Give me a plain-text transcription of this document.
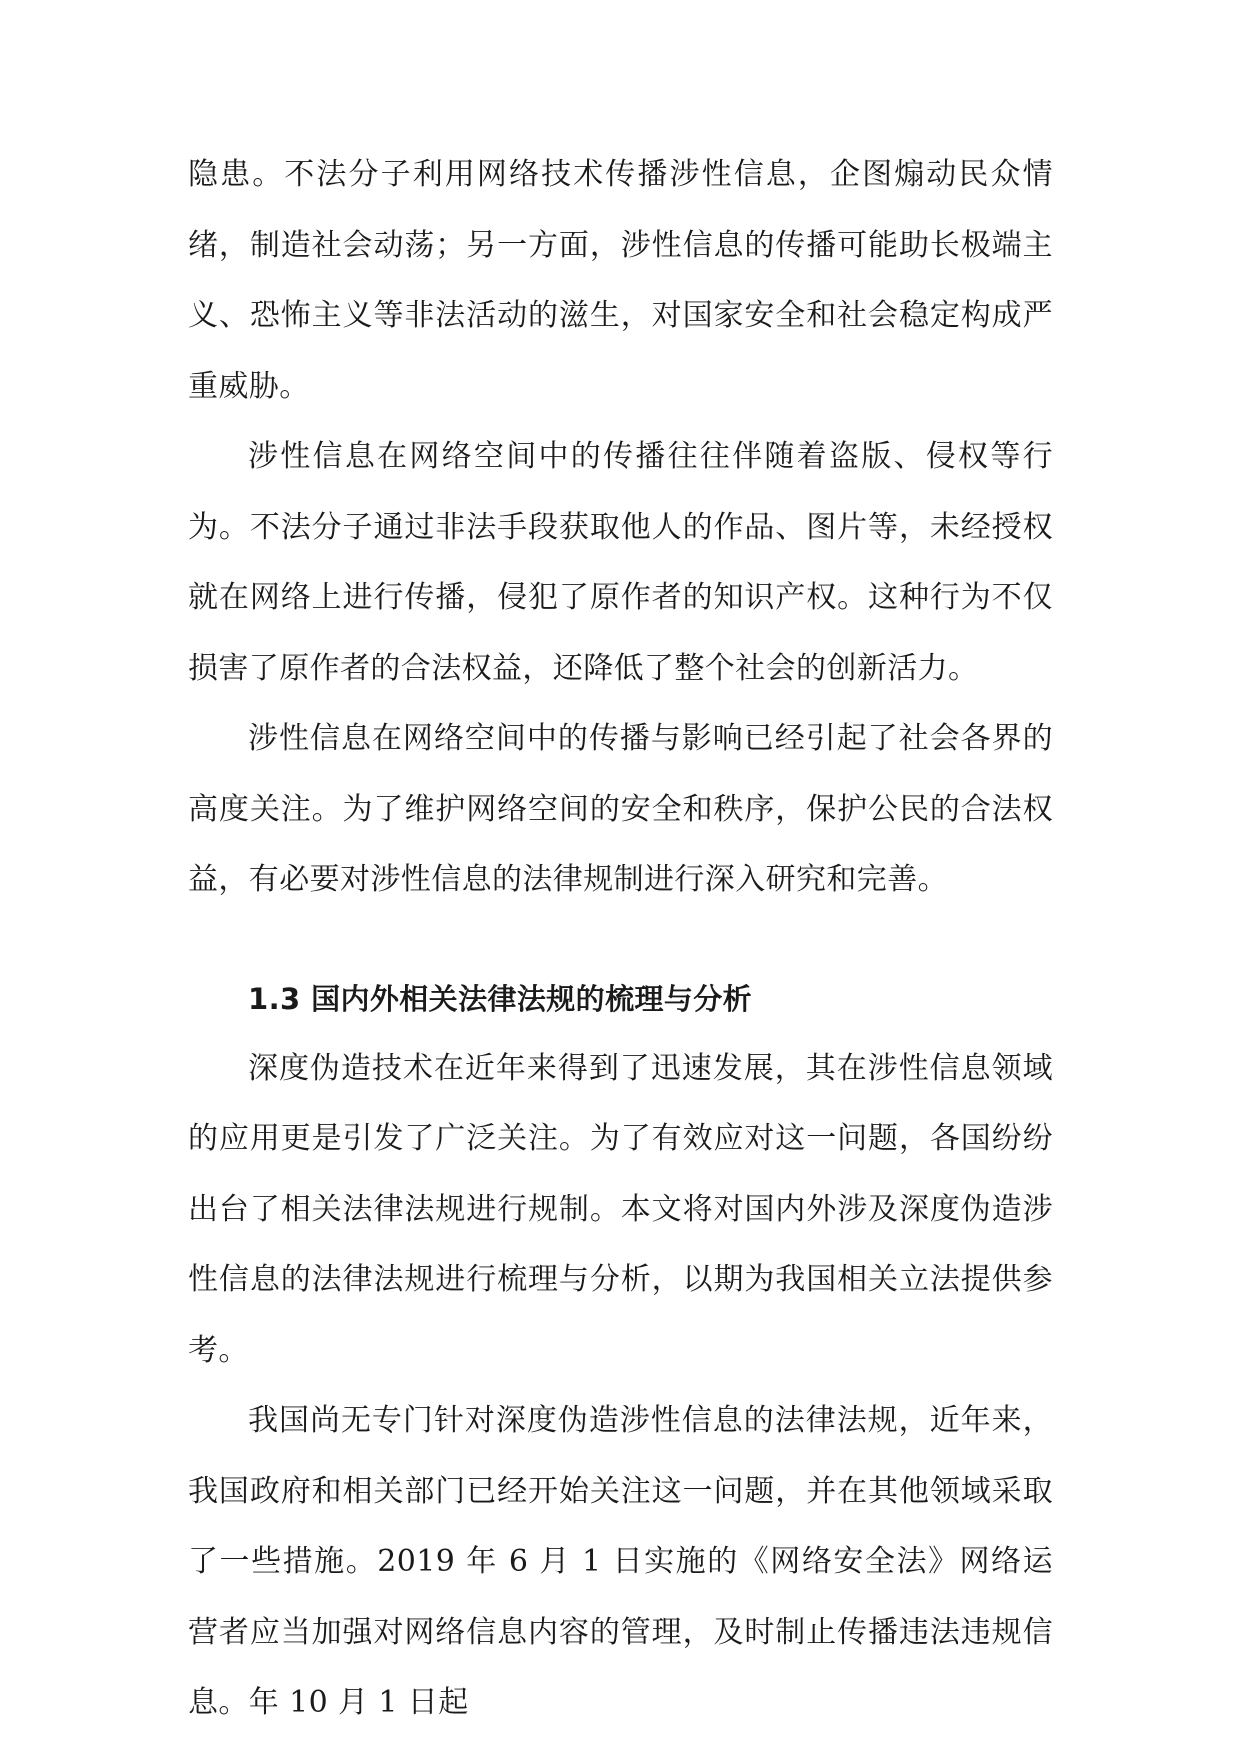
隐患。不法分子利用网络技术传播涉性信息，企图煽动民众情绪，制造社会动荡；另一方面，涉性信息的传播可能助长极端主义、恐怖主义等非法活动的滋生，对国家安全和社会稳定构成严重威胁。

涉性信息在网络空间中的传播往往伴随着盗版、侵权等行为。不法分子通过非法手段获取他人的作品、图片等，未经授权就在网络上进行传播，侵犯了原作者的知识产权。这种行为不仅损害了原作者的合法权益，还降低了整个社会的创新活力。

涉性信息在网络空间中的传播与影响已经引起了社会各界的高度关注。为了维护网络空间的安全和秩序，保护公民的合法权益，有必要对涉性信息的法律规制进行深入研究和完善。

1.3 国内外相关法律法规的梳理与分析

深度伪造技术在近年来得到了迅速发展，其在涉性信息领域的应用更是引发了广泛关注。为了有效应对这一问题，各国纷纷出台了相关法律法规进行规制。本文将对国内外涉及深度伪造涉性信息的法律法规进行梳理与分析，以期为我国相关立法提供参考。

我国尚无专门针对深度伪造涉性信息的法律法规，近年来，我国政府和相关部门已经开始关注这一问题，并在其他领域采取了一些措施。2019 年 6 月 1 日实施的《网络安全法》网络运营者应当加强对网络信息内容的管理，及时制止传播违法违规信息。年 10 月 1 日起
